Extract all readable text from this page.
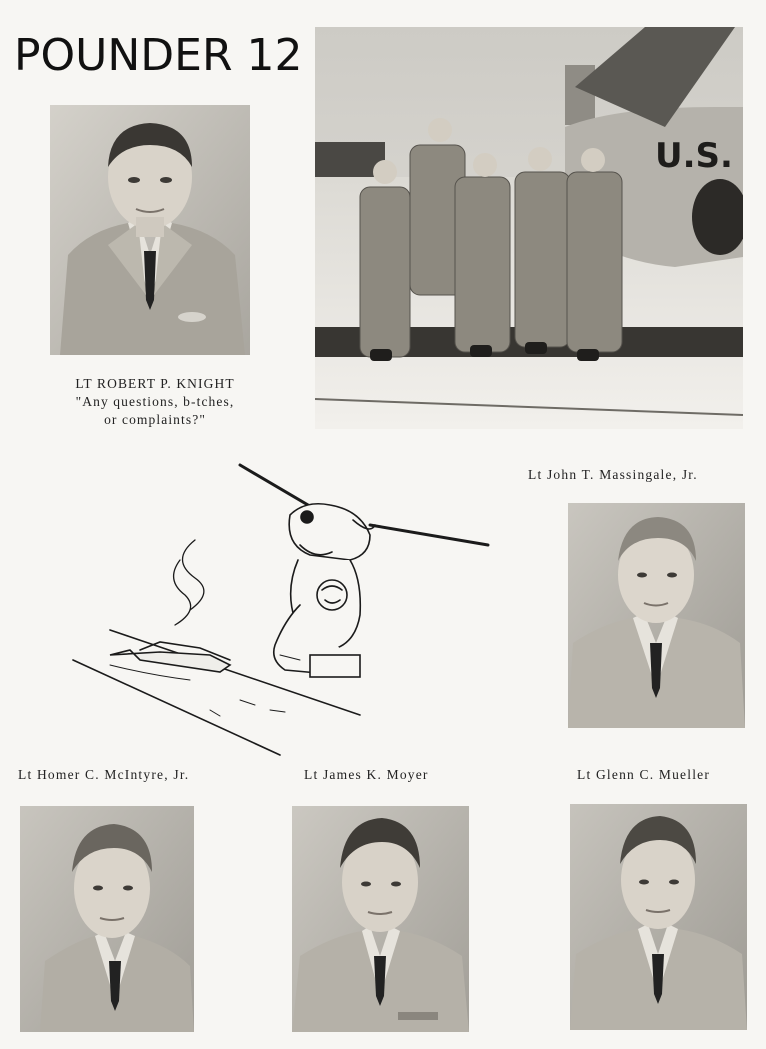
POUNDER 12
LT ROBERT P. KNIGHT
"Any questions, b-tches,
or complaints?"
U.S.
Lt John T. Massingale, Jr.
Lt Homer C. McIntyre, Jr.	Lt James K. Moyer	Lt Glenn C. Mueller
